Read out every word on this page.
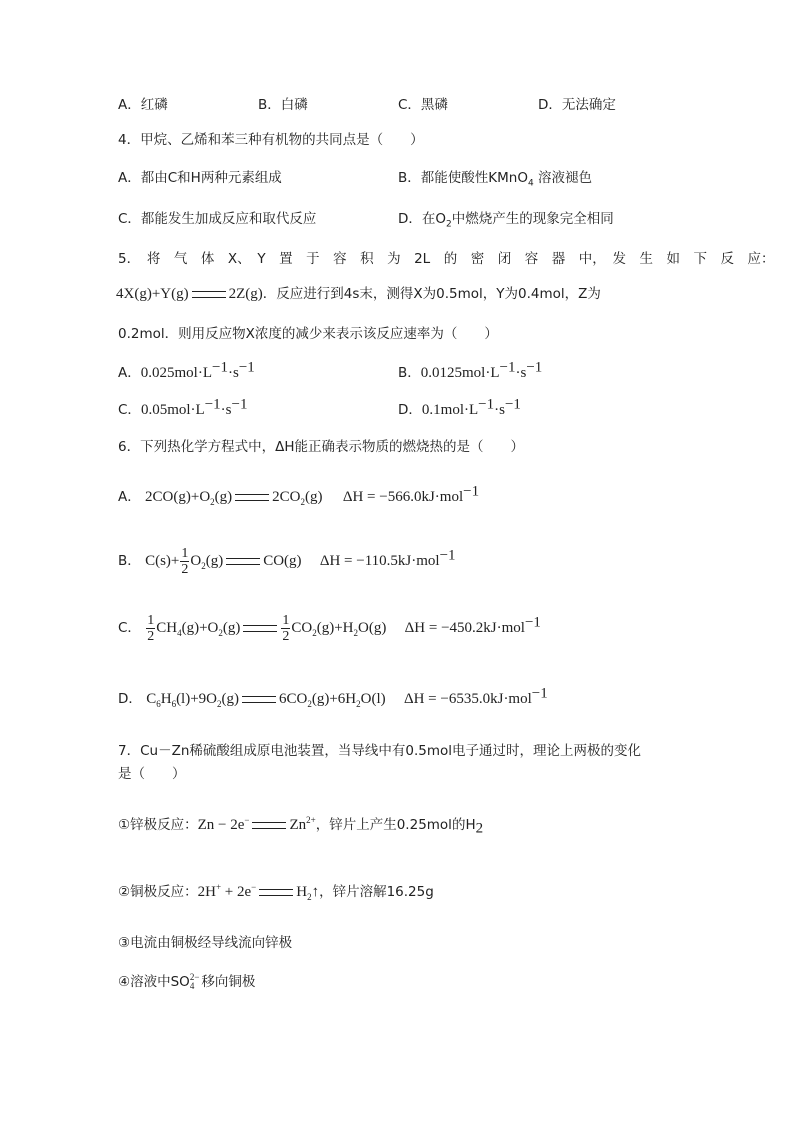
A．红磷	B．白磷	C．黑磷	D．无法确定
4．甲烷、乙烯和苯三种有机物的共同点是（　　）
A．都由C和H两种元素组成	B．都能使酸性KMnO$_4$ 溶液褪色
C．都能发生加成反应和取代反应	D．在$O_2$中燃烧产生的现象完全相同
5．　将　气　体　X、　Y　置　于　容　积　为　2L　的　密　闭　容　器　中，　发　生　如　下　反　应：
4X(g)+Y(g)	2Z(g)．反应进行到4s末，测得X为0.5mol，Y为0.4mol，Z为
0.2mol．则用反应物X浓度的减少来表示该反应速率为（　　）
A．$0.025mol\cdot L^{-1}\cdot s^{-1}$	B．$0.0125mol\cdot L^{-1}\cdot s^{-1}$
C．$0.05mol\cdot L^{-1}\cdot s^{-1}$	D．$0.1mol\cdot L^{-1}\cdot s^{-1}$
6．下列热化学方程式中，ΔH能正确表示物质的燃烧热的是（　　）
A． $2CO(g)+O_2(g)$	$2CO_2(g) \Delta H = -566.0kJ\cdot mol^{-1}$
B． $C(s)+ \frac{1}{2} O_2(g)$	CO(g) ΔH = −110.5kJ·mol$^{-1}$
C． $\frac{1}{2} CH_4(g)+O_2(g)$	$\frac{1}{2} CO_2(g)+H_2O(g) \Delta H = -450.2kJ\cdot mol^{-1}$
D． $C_6H_6(l)+9O_2(g)$	$6CO_2(g)+6H_2O(l) \Delta H = -6535.0kJ\cdot mol^{-1}$
7．Cu－Zn稀硫酸组成原电池装置，当导线中有0.5mol电子通过时，理论上两极的变化
是（　　）
①锌极反应：Zn − 2e−	$Zn^{2+}$，锌片上产生0.25mol的$H_2$
②铜极反应：2H+ + 2e−	$H_2↑$，锌片溶解16.25g
③电流由铜极经导线流向锌极
④溶液中SO 2−
4 移向铜极
